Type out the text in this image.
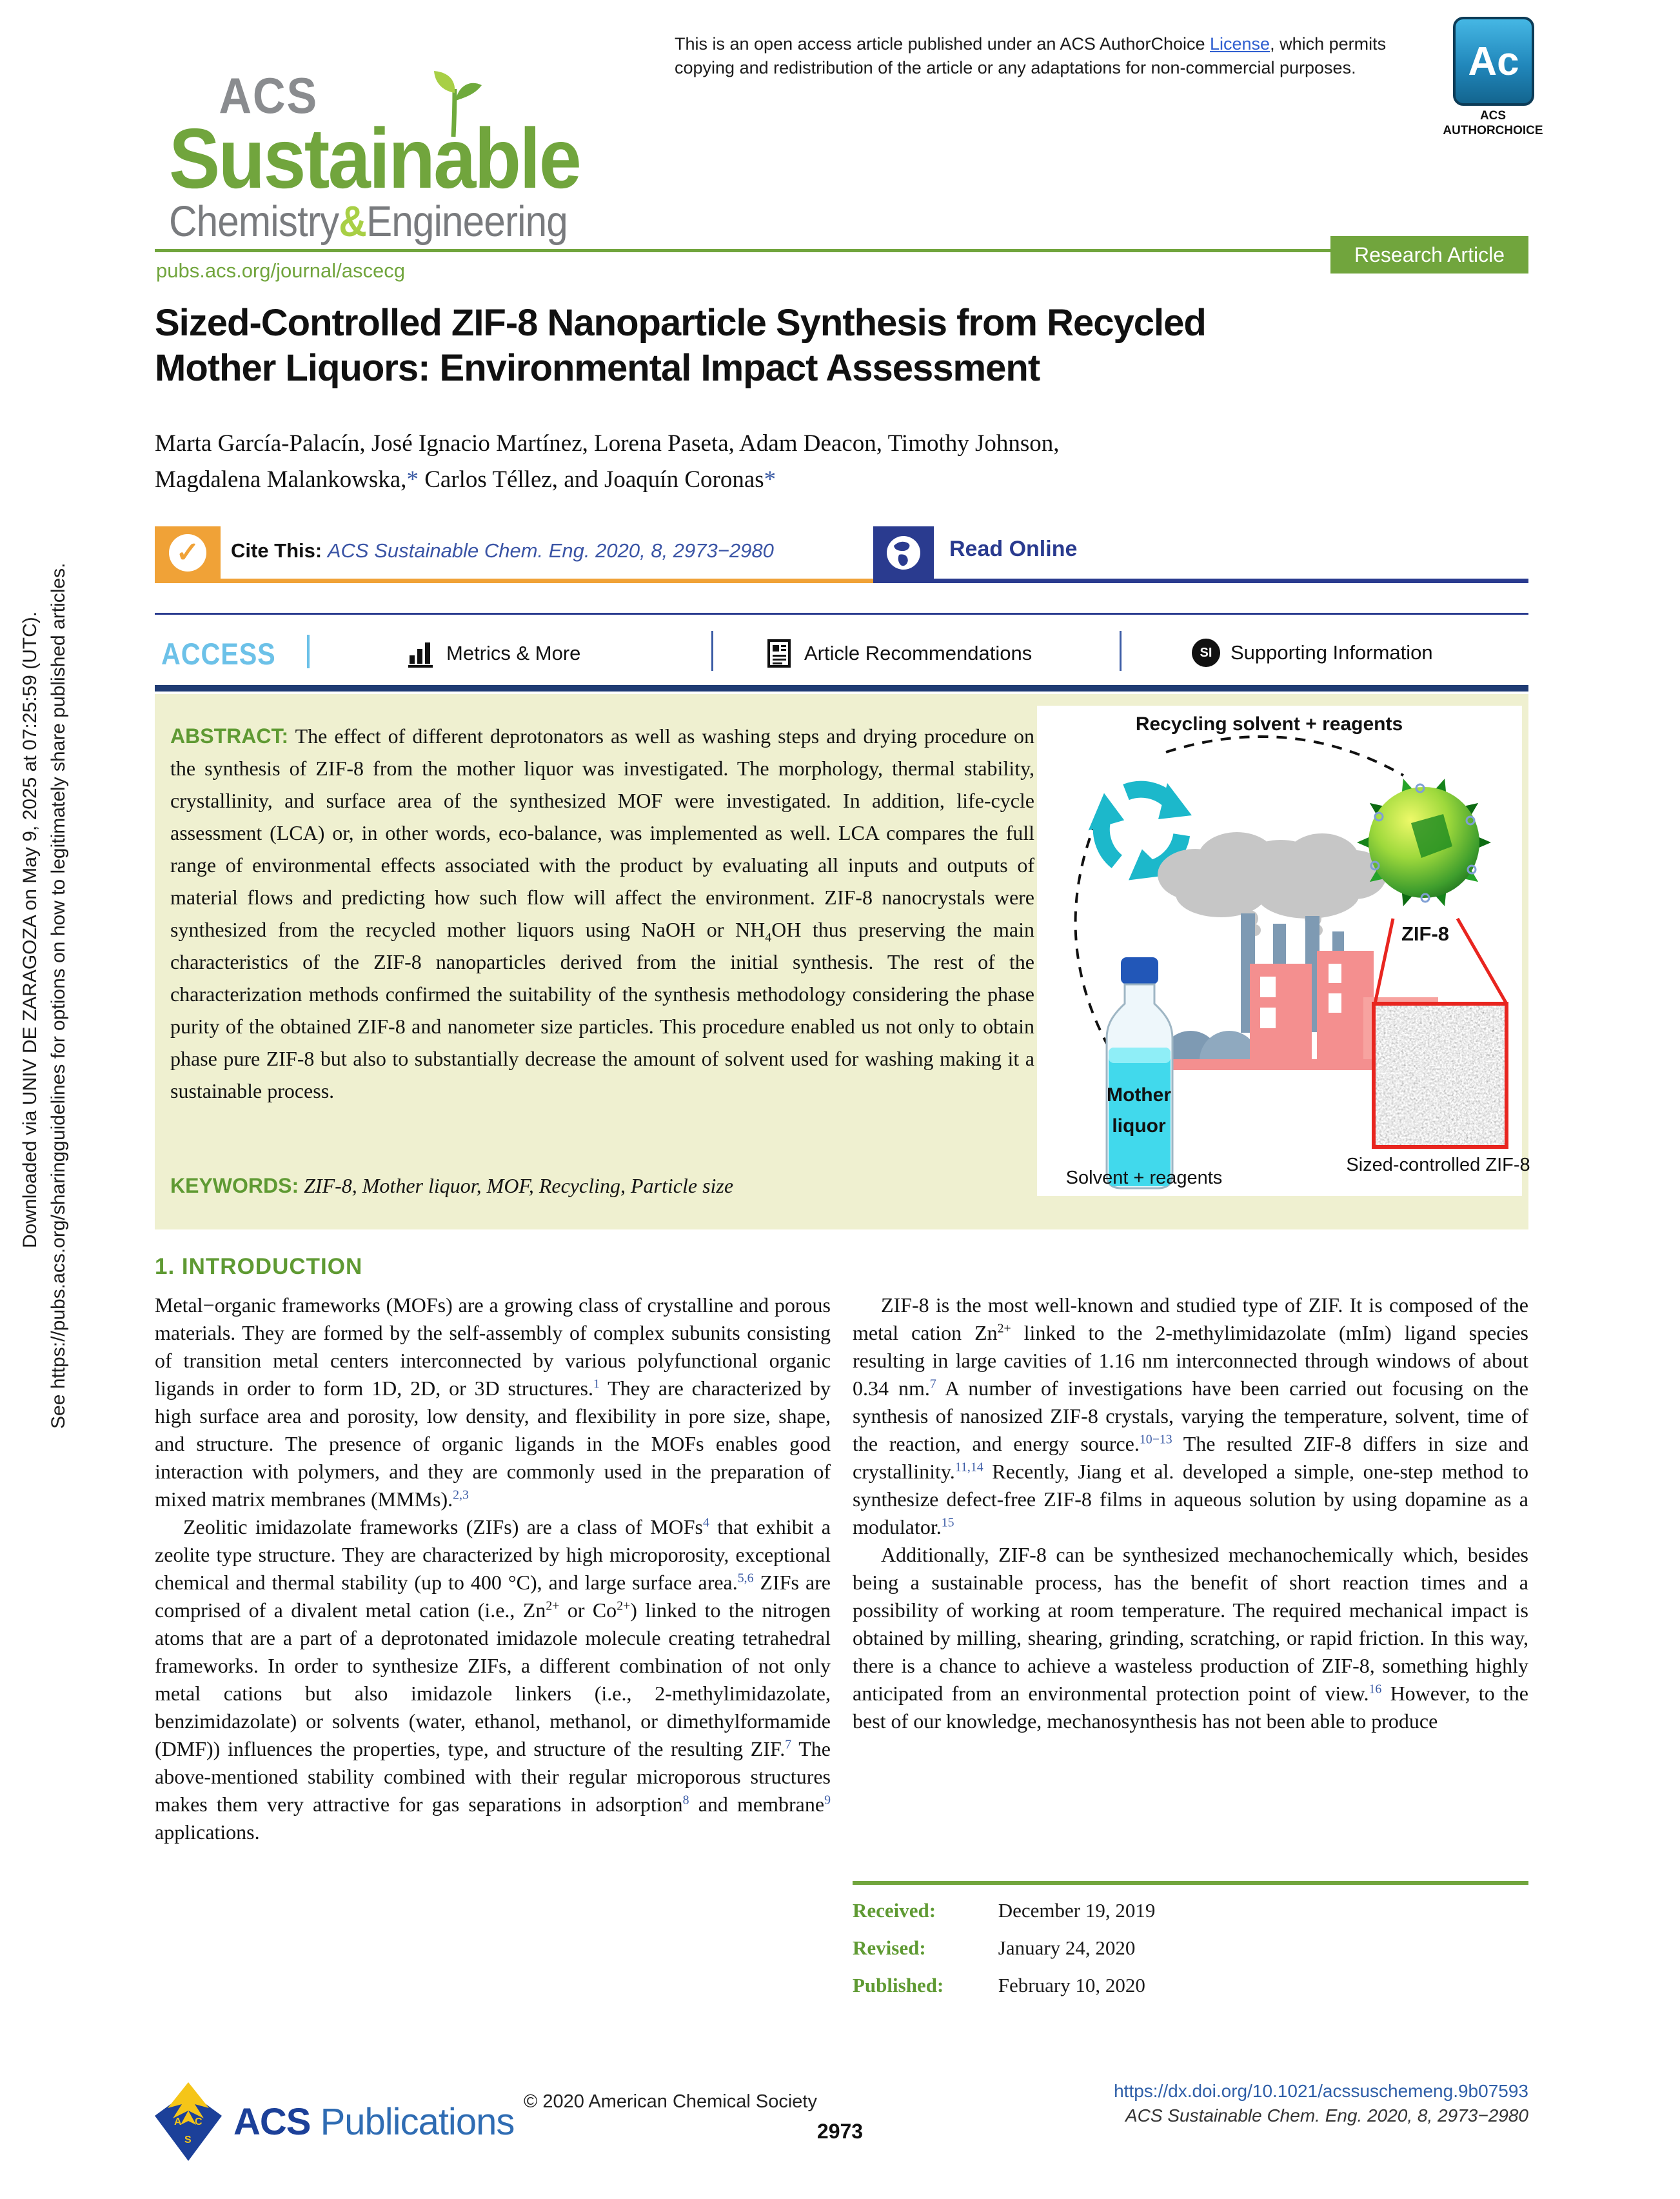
Downloaded via UNIV DE ZARAGOZA on May 9, 2025 at 07:25:59 (UTC). See https://pubs.acs.org/sharingguidelines for options on how to legitimately share published articles.
This is an open access article published under an ACS AuthorChoice License, which permits copying and redistribution of the article or any adaptations for non-commercial purposes.	Ac
ACS
AUTHORCHOICE
ACS
Sustainable
Chemistry&Engineering
pubs.acs.org/journal/ascecg
Research Article
Sized-Controlled ZIF-8 Nanoparticle Synthesis from Recycled
Mother Liquors: Environmental Impact Assessment
Marta García-Palacín, José Ignacio Martínez, Lorena Paseta, Adam Deacon, Timothy Johnson,
Magdalena Malankowska,* Carlos Téllez, and Joaquín Coronas*
✓	Cite This: ACS Sustainable Chem. Eng. 2020, 8, 2973−2980	Read Online
ACCESS	Metrics & More	Article Recommendations	SI Supporting Information
ABSTRACT: The effect of different deprotonators as well as washing steps and drying procedure on the synthesis of ZIF-8 from the mother liquor was investigated. The morphology, thermal stability, crystallinity, and surface area of the synthesized MOF were investigated. In addition, life-cycle assessment (LCA) or, in other words, eco-balance, was implemented as well. LCA compares the full range of environmental effects associated with the product by evaluating all inputs and outputs of material flows and predicting how such flow will affect the environment. ZIF-8 nanocrystals were synthesized from the recycled mother liquors using NaOH or $NH_4OH$ thus preserving the main characteristics of the ZIF-8 nanoparticles derived from the initial synthesis. The rest of the characterization methods confirmed the suitability of the synthesis methodology considering the phase purity of the obtained ZIF-8 and nanometer size particles. This procedure enabled us not only to obtain phase pure ZIF-8 but also to substantially decrease the amount of solvent used for washing making it a sustainable process.
KEYWORDS: ZIF-8, Mother liquor, MOF, Recycling, Particle size
Recycling solvent + reagents
ZIF-8
Mother
liquor
Solvent + reagents
Sized-controlled ZIF-8
1. INTRODUCTION

Metal−organic frameworks (MOFs) are a growing class of crystalline and porous materials. They are formed by the self-assembly of complex subunits consisting of transition metal centers interconnected by various polyfunctional organic ligands in order to form 1D, 2D, or 3D structures.$^1$ They are characterized by high surface area and porosity, low density, and flexibility in pore size, shape, and structure. The presence of organic ligands in the MOFs enables good interaction with polymers, and they are commonly used in the preparation of mixed matrix membranes (MMMs).$^{2,3}$

Zeolitic imidazolate frameworks (ZIFs) are a class of MOFs$^4$ that exhibit a zeolite type structure. They are characterized by high microporosity, exceptional chemical and thermal stability (up to 400 °C), and large surface area.$^{5,6}$ ZIFs are comprised of a divalent metal cation (i.e., $Zn^{2+}$ or $Co^{2+}$) linked to the nitrogen atoms that are a part of a deprotonated imidazole molecule creating tetrahedral frameworks. In order to synthesize ZIFs, a different combination of not only metal cations but also imidazole linkers (i.e., 2-methylimidazolate, benzimidazolate) or solvents (water, ethanol, methanol, or dimethylformamide (DMF)) influences the properties, type, and structure of the resulting ZIF.$^7$ The above-mentioned stability combined with their regular microporous structures makes them very attractive for gas separations in adsorption$^8$ and membrane$^9$ applications.

ZIF-8 is the most well-known and studied type of ZIF. It is composed of the metal cation $Zn^{2+}$ linked to the 2-methylimidazolate (mIm) ligand species resulting in large cavities of 1.16 nm interconnected through windows of about 0.34 nm.$^7$ A number of investigations have been carried out focusing on the synthesis of nanosized ZIF-8 crystals, varying the temperature, solvent, time of the reaction, and energy source.$^{10-13}$ The resulted ZIF-8 differs in size and crystallinity.$^{11,14}$ Recently, Jiang et al. developed a simple, one-step method to synthesize defect-free ZIF-8 films in aqueous solution by using dopamine as a modulator.$^{15}$

Additionally, ZIF-8 can be synthesized mechanochemically which, besides being a sustainable process, has the benefit of short reaction times and a possibility of working at room temperature. The required mechanical impact is obtained by milling, shearing, grinding, scratching, or rapid friction. In this way, there is a chance to achieve a wasteless production of ZIF-8, something highly anticipated from an environmental protection point of view.$^{16}$ However, to the best of our knowledge, mechanosynthesis has not been able to produce

Received:	December 19, 2019
Revised:	January 24, 2020
Published:	February 10, 2020
A C
S ACS Publications © 2020 American Chemical Society
2973
https://dx.doi.org/10.1021/acssuschemeng.9b07593
ACS Sustainable Chem. Eng. 2020, 8, 2973−2980
